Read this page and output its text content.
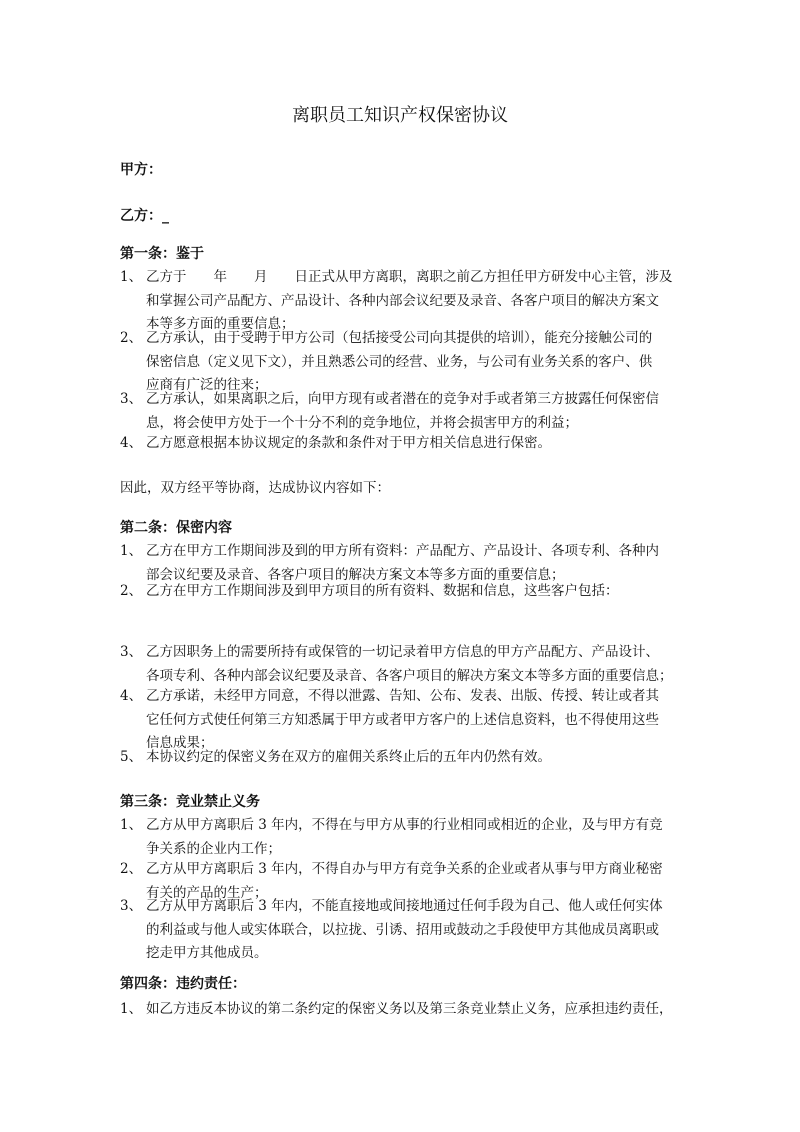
离职员工知识产权保密协议
甲方：
乙方：_
第一条：鉴于
1、 乙方于　　年　　月　　日正式从甲方离职，离职之前乙方担任甲方研发中心主管，涉及
和掌握公司产品配方、产品设计、各种内部会议纪要及录音、各客户项目的解决方案文
本等多方面的重要信息；
2、 乙方承认，由于受聘于甲方公司（包括接受公司向其提供的培训），能充分接触公司的
保密信息（定义见下文），并且熟悉公司的经营、业务，与公司有业务关系的客户、供
应商有广泛的往来；
3、 乙方承认，如果离职之后，向甲方现有或者潜在的竞争对手或者第三方披露任何保密信
息，将会使甲方处于一个十分不利的竞争地位，并将会损害甲方的利益；
4、 乙方愿意根据本协议规定的条款和条件对于甲方相关信息进行保密。
因此，双方经平等协商，达成协议内容如下：
第二条：保密内容
1、 乙方在甲方工作期间涉及到的甲方所有资料：产品配方、产品设计、各项专利、各种内
部会议纪要及录音、各客户项目的解决方案文本等多方面的重要信息；
2、 乙方在甲方工作期间涉及到甲方项目的所有资料、数据和信息，这些客户包括：
3、 乙方因职务上的需要所持有或保管的一切记录着甲方信息的甲方产品配方、产品设计、
各项专利、各种内部会议纪要及录音、各客户项目的解决方案文本等多方面的重要信息；
4、 乙方承诺，未经甲方同意，不得以泄露、告知、公布、发表、出版、传授、转让或者其
它任何方式使任何第三方知悉属于甲方或者甲方客户的上述信息资料，也不得使用这些
信息成果；
5、 本协议约定的保密义务在双方的雇佣关系终止后的五年内仍然有效。
第三条：竞业禁止义务
1、 乙方从甲方离职后 3 年内，不得在与甲方从事的行业相同或相近的企业，及与甲方有竞
争关系的企业内工作；
2、 乙方从甲方离职后 3 年内，不得自办与甲方有竞争关系的企业或者从事与甲方商业秘密
有关的产品的生产；
3、 乙方从甲方离职后 3 年内，不能直接地或间接地通过任何手段为自己、他人或任何实体
的利益或与他人或实体联合，以拉拢、引诱、招用或鼓动之手段使甲方其他成员离职或
挖走甲方其他成员。
第四条：违约责任：
1、 如乙方违反本协议的第二条约定的保密义务以及第三条竞业禁止义务，应承担违约责任，
